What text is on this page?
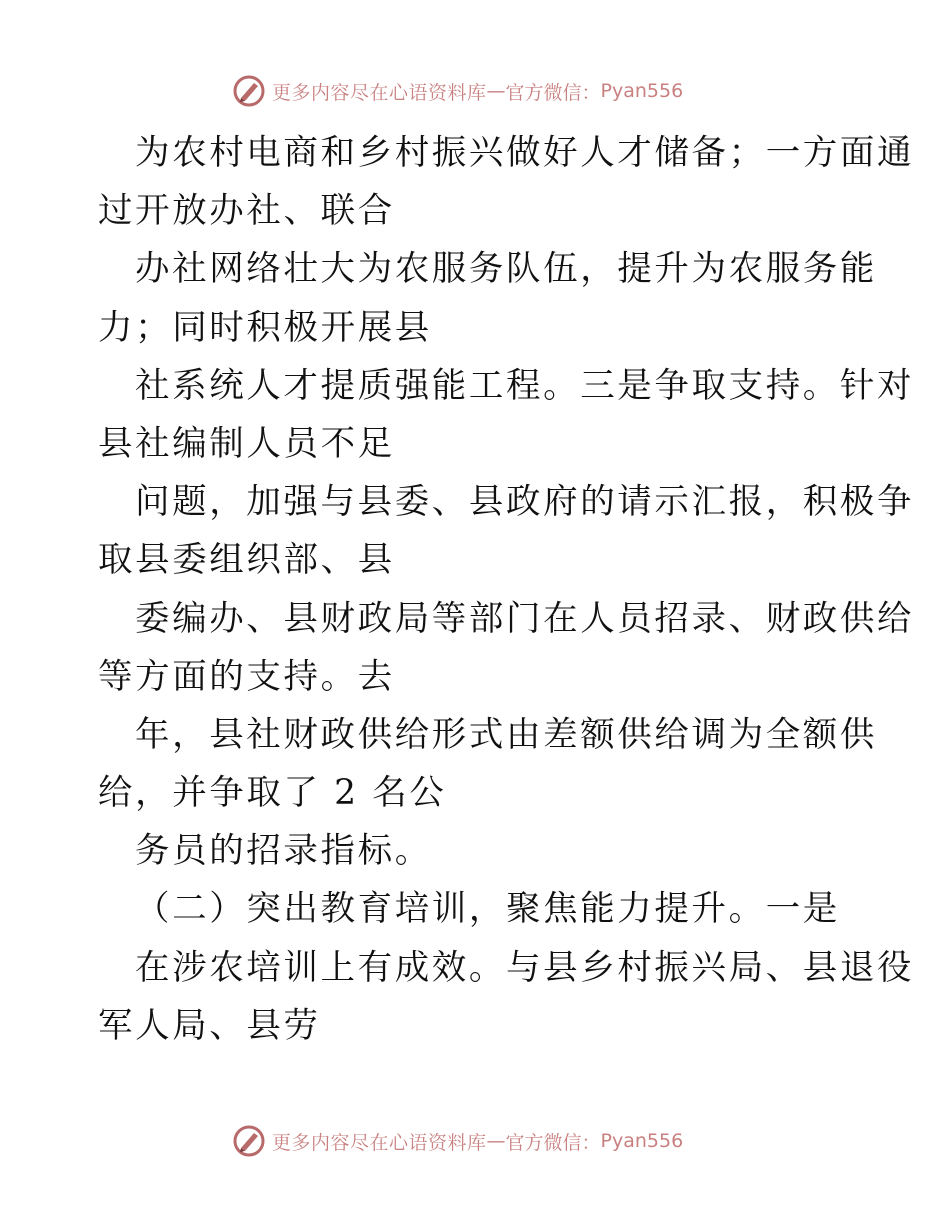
更多内容尽在心语资料库 — 官方微信： Pyan556
为农村电商和乡村振兴做好人才储备；一方面通
过开放办社、联合
办社网络壮大为农服务队伍，提升为农服务能
力；同时积极开展县
社系统人才提质强能工程。三是争取支持。针对
县社编制人员不足
问题，加强与县委、县政府的请示汇报，积极争
取县委组织部、县
委编办、县财政局等部门在人员招录、财政供给
等方面的支持。去
年，县社财政供给形式由差额供给调为全额供
给，并争取了 2 名公
务员的招录指标。
（二）突出教育培训，聚焦能力提升。一是
在涉农培训上有成效。与县乡村振兴局、县退役
军人局、县劳
更多内容尽在心语资料库 — 官方微信： Pyan556
